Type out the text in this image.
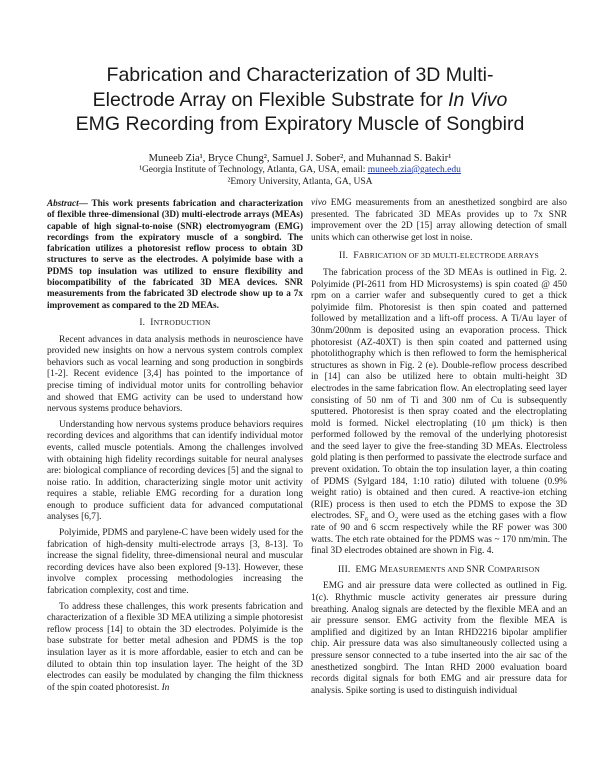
Fabrication and Characterization of 3D Multi-
Electrode Array on Flexible Substrate for In Vivo
EMG Recording from Expiratory Muscle of Songbird
Muneeb Zia¹, Bryce Chung², Samuel J. Sober², and Muhannad S. Bakir¹
¹Georgia Institute of Technology, Atlanta, GA, USA, email: muneeb.zia@gatech.edu
²Emory University, Atlanta, GA, USA

Abstract— This work presents fabrication and characterization of flexible three-dimensional (3D) multi-electrode arrays (MEAs) capable of high signal-to-noise (SNR) electromyogram (EMG) recordings from the expiratory muscle of a songbird. The fabrication utilizes a photoresist reflow process to obtain 3D structures to serve as the electrodes. A polyimide base with a PDMS top insulation was utilized to ensure flexibility and biocompatibility of the fabricated 3D MEA devices. SNR measurements from the fabricated 3D electrode show up to a 7x improvement as compared to the 2D MEAs.

I. INTRODUCTION

Recent advances in data analysis methods in neuroscience have provided new insights on how a nervous system controls complex behaviors such as vocal learning and song production in songbirds [1-2]. Recent evidence [3,4] has pointed to the importance of precise timing of individual motor units for controlling behavior and showed that EMG activity can be used to understand how nervous systems produce behaviors.

Understanding how nervous systems produce behaviors requires recording devices and algorithms that can identify individual motor events, called muscle potentials. Among the challenges involved with obtaining high fidelity recordings suitable for neural analyses are: biological compliance of recording devices [5] and the signal to noise ratio. In addition, characterizing single motor unit activity requires a stable, reliable EMG recording for a duration long enough to produce sufficient data for advanced computational analyses [6,7].

Polyimide, PDMS and parylene-C have been widely used for the fabrication of high-density multi-electrode arrays [3, 8-13]. To increase the signal fidelity, three-dimensional neural and muscular recording devices have also been explored [9-13]. However, these involve complex processing methodologies increasing the fabrication complexity, cost and time.

To address these challenges, this work presents fabrication and characterization of a flexible 3D MEA utilizing a simple photoresist reflow process [14] to obtain the 3D electrodes. Polyimide is the base substrate for better metal adhesion and PDMS is the top insulation layer as it is more affordable, easier to etch and can be diluted to obtain thin top insulation layer. The height of the 3D electrodes can easily be modulated by changing the film thickness of the spin coated photoresist. In

vivo EMG measurements from an anesthetized songbird are also presented. The fabricated 3D MEAs provides up to 7x SNR improvement over the 2D [15] array allowing detection of small units which can otherwise get lost in noise.

II. FABRICATION OF 3D MULTI-ELECTRODE ARRAYS

The fabrication process of the 3D MEAs is outlined in Fig. 2. Polyimide (PI-2611 from HD Microsystems) is spin coated @ 450 rpm on a carrier wafer and subsequently cured to get a thick polyimide film. Photoresist is then spin coated and patterned followed by metallization and a lift-off process. A Ti/Au layer of 30nm/200nm is deposited using an evaporation process. Thick photoresist (AZ-40XT) is then spin coated and patterned using photolithography which is then reflowed to form the hemispherical structures as shown in Fig. 2 (e). Double-reflow process described in [14] can also be utilized here to obtain multi-height 3D electrodes in the same fabrication flow. An electroplating seed layer consisting of 50 nm of Ti and 300 nm of Cu is subsequently sputtered. Photoresist is then spray coated and the electroplating mold is formed. Nickel electroplating (10 μm thick) is then performed followed by the removal of the underlying photoresist and the seed layer to give the free-standing 3D MEAs. Electroless gold plating is then performed to passivate the electrode surface and prevent oxidation. To obtain the top insulation layer, a thin coating of PDMS (Sylgard 184, 1:10 ratio) diluted with toluene (0.9% weight ratio) is obtained and then cured. A reactive-ion etching (RIE) process is then used to etch the PDMS to expose the 3D electrodes. $SF_6$ and $O_2$ were used as the etching gases with a flow rate of 90 and 6 sccm respectively while the RF power was 300 watts. The etch rate obtained for the PDMS was ~ 170 nm/min. The final 3D electrodes obtained are shown in Fig. 4.

III. EMG MEASUREMENTS AND SNR COMPARISON

EMG and air pressure data were collected as outlined in Fig. 1(c). Rhythmic muscle activity generates air pressure during breathing. Analog signals are detected by the flexible MEA and an air pressure sensor. EMG activity from the flexible MEA is amplified and digitized by an Intan RHD2216 bipolar amplifier chip. Air pressure data was also simultaneously collected using a pressure sensor connected to a tube inserted into the air sac of the anesthetized songbird. The Intan RHD 2000 evaluation board records digital signals for both EMG and air pressure data for analysis. Spike sorting is used to distinguish individual
